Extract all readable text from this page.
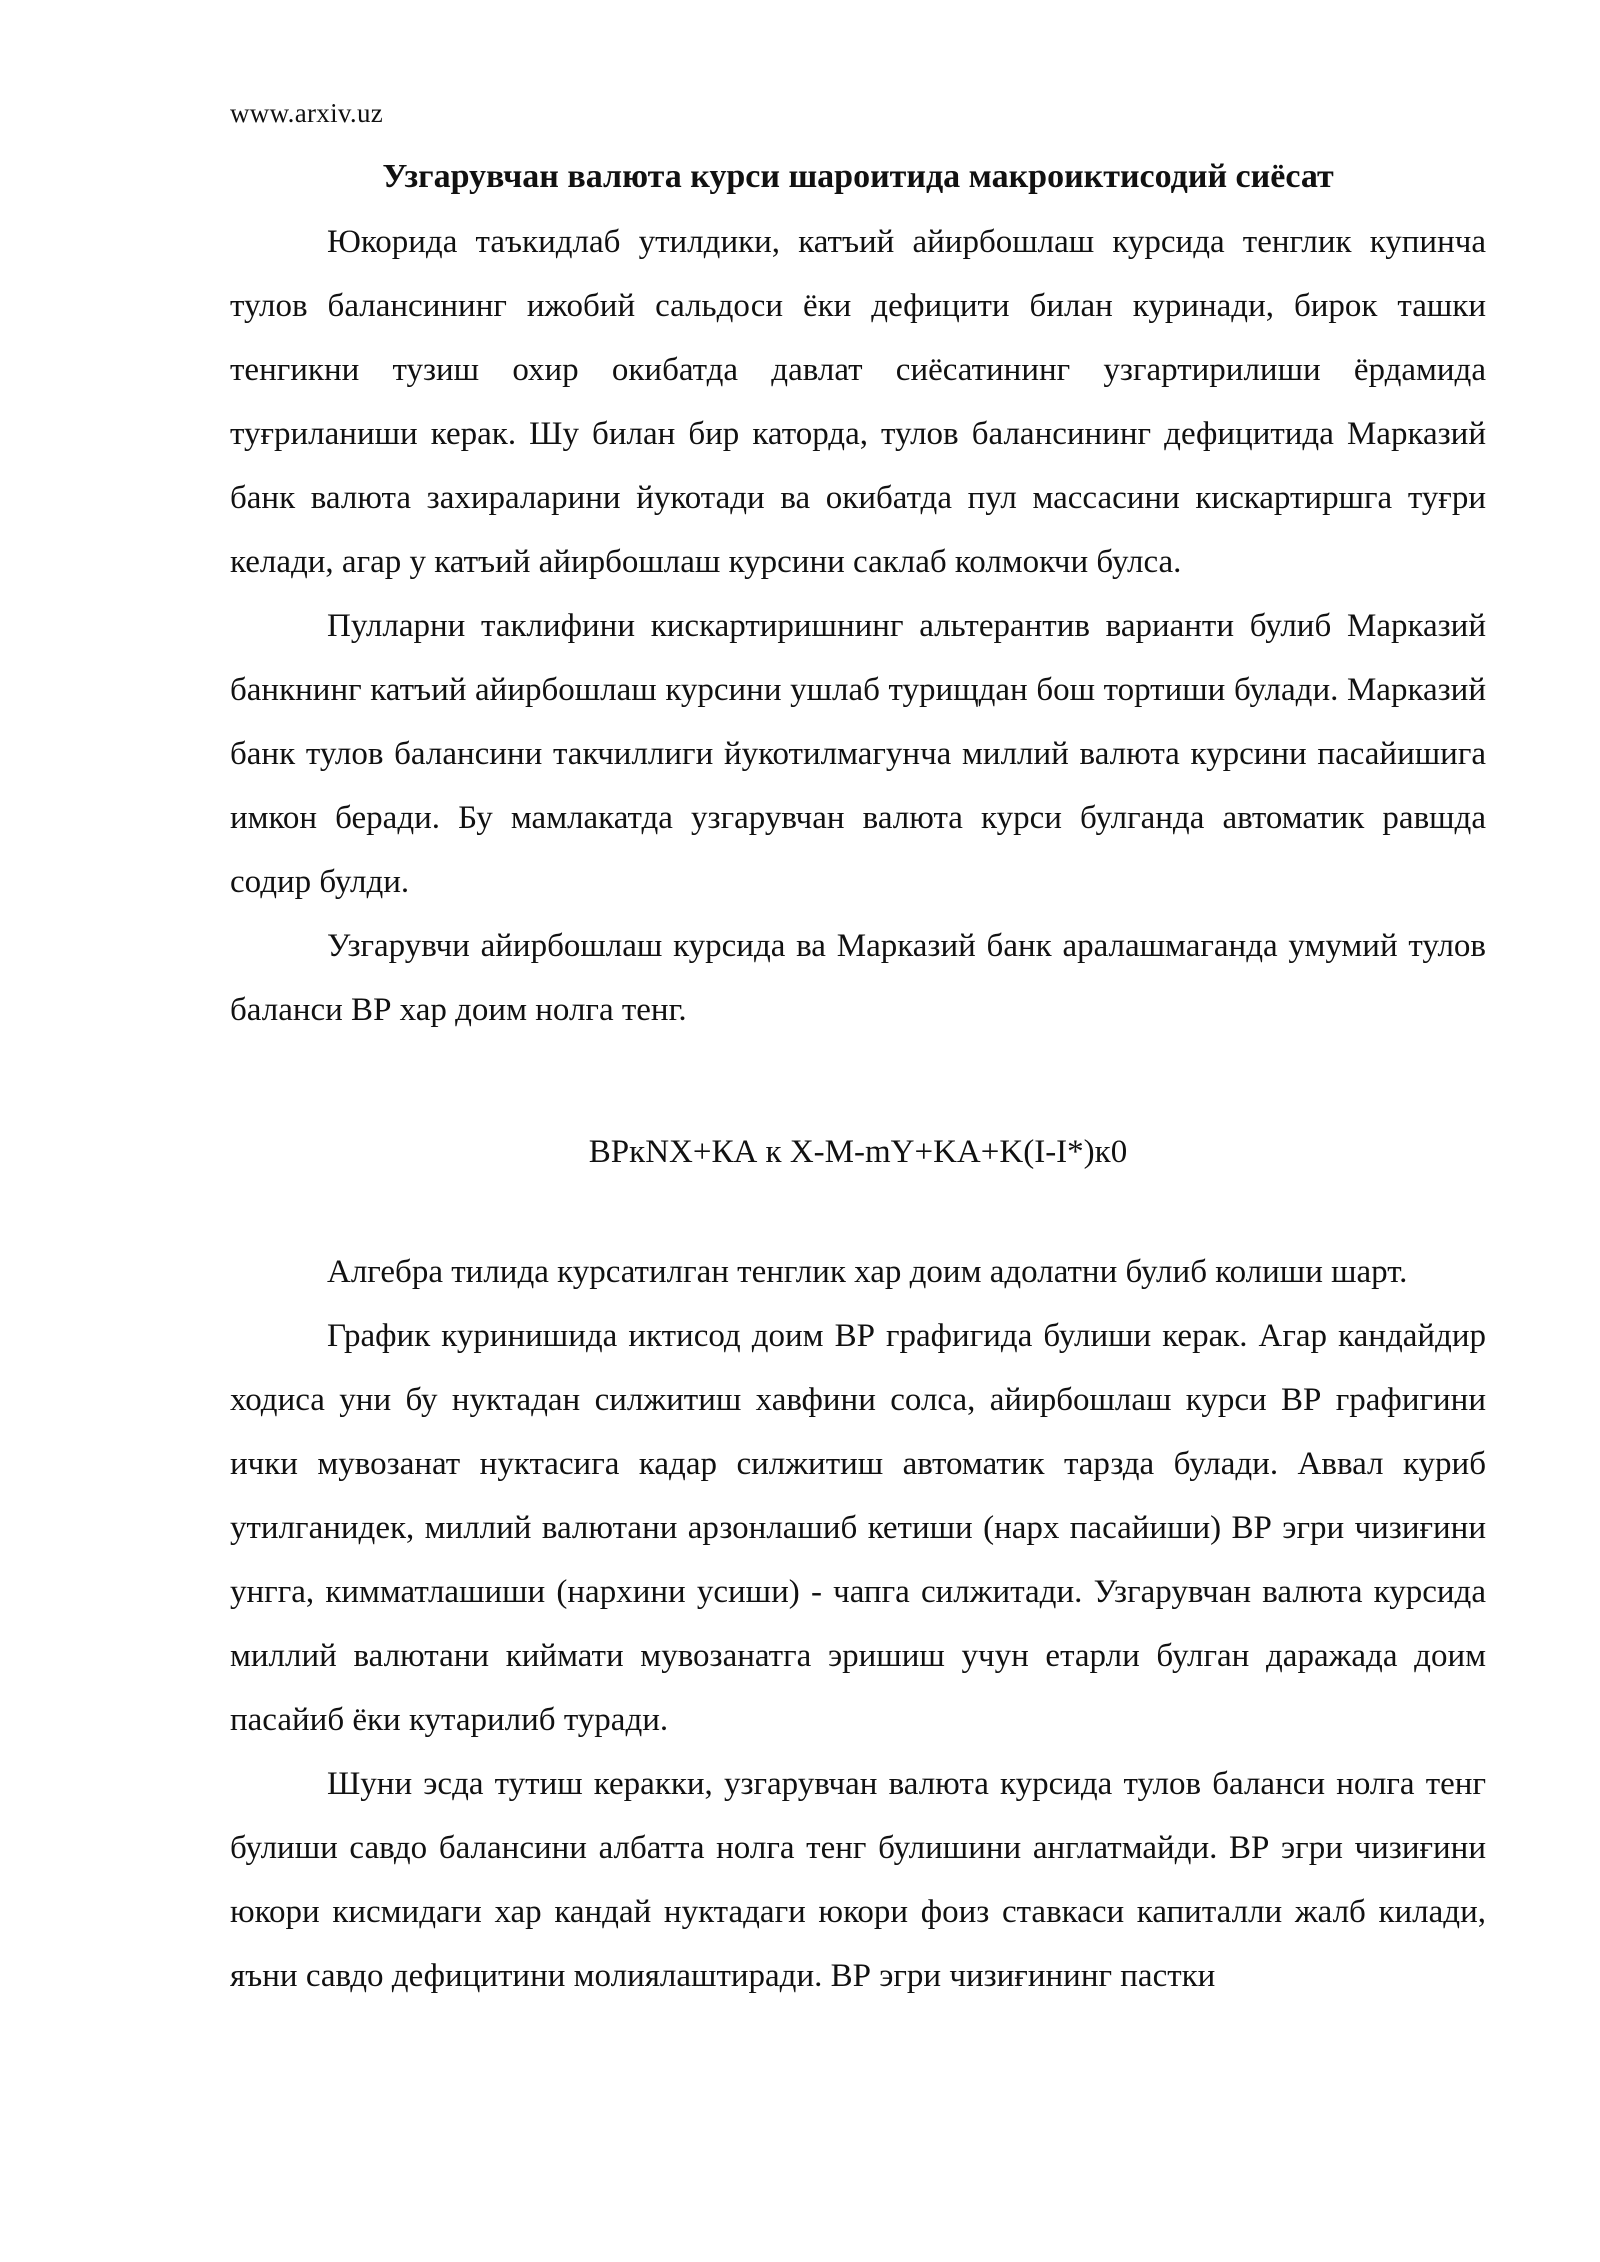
www.arxiv.uz
Узгарувчан валюта курси шароитида макроиктисодий сиёсат

Юкорида таъкидлаб утилдики, катъий айирбошлаш курсида тенглик купинча тулов балансининг ижобий сальдоси ёки дефицити билан куринади, бирок ташки тенгикни тузиш охир окибатда давлат сиёсатининг узгартирилиши ёрдамида туғриланиши керак. Шу билан бир каторда, тулов балансининг дефицитида Марказий банк валюта захираларини йукотади ва окибатда пул массасини кискартиршга туғри келади, агар у катъий айирбошлаш курсини саклаб колмокчи булса.

Пулларни таклифини кискартиришнинг альтерантив варианти булиб Марказий банкнинг катъий айирбошлаш курсини ушлаб турищдан бош тортиши булади. Марказий банк тулов балансини такчиллиги йукотилмагунча миллий валюта курсини пасайишига имкон беради. Бу мамлакатда узгарувчан валюта курси булганда автоматик равшда содир булди.

Узгарувчи айирбошлаш курсида ва Марказий банк аралашмаганда умумий тулов баланси ВР хар доим нолга тенг.

ВРкNX+КА к X-M-mY+KA+K(I-I*)к0

Алгебра тилида курсатилган тенглик хар доим адолатни булиб колиши шарт.

График куринишида иктисод доим ВР графигида булиши керак. Агар кандайдир ходиса уни бу нуктадан силжитиш хавфини солса, айирбошлаш курси ВР графигини ички мувозанат нуктасига кадар силжитиш автоматик тарзда булади. Аввал куриб утилганидек, миллий валютани арзонлашиб кетиши (нарх пасайиши) ВР эгри чизиғини унгга, кимматлашиши (нархини усиши) - чапга силжитади. Узгарувчан валюта курсида миллий валютани киймати мувозанатга эришиш учун етарли булган даражада доим пасайиб ёки кутарилиб туради.

Шуни эсда тутиш керакки, узгарувчан валюта курсида тулов баланси нолга тенг булиши савдо балансини албатта нолга тенг булишини англатмайди. ВР эгри чизиғини юкори кисмидаги хар кандай нуктадаги юкори фоиз ставкаси капиталли жалб килади, яъни савдо дефицитини молиялаштиради. ВР эгри чизиғининг пастки
